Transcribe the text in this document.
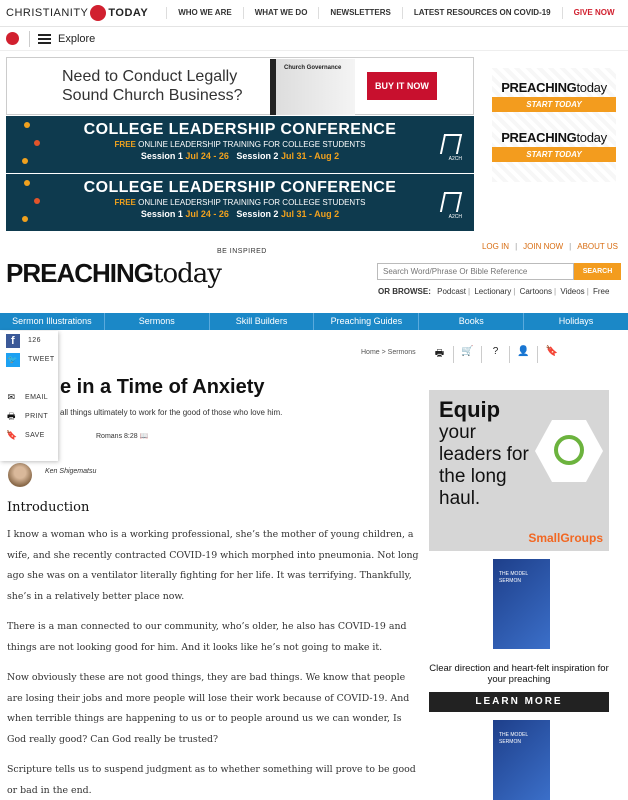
CHRISTIANITY TODAY	WHO WE ARE	WHAT WE DO	NEWSLETTERS	LATEST RESOURCES ON COVID-19	GIVE NOW
Explore
Need to Conduct Legally Sound Church Business?
Church Governance
BUY IT NOW
COLLEGE LEADERSHIP CONFERENCE

FREE ONLINE LEADERSHIP TRAINING FOR COLLEGE STUDENTS

Session 1 Jul 24 - 26 Session 2 Jul 31 - Aug 2	A2CH
COLLEGE LEADERSHIP CONFERENCE

FREE ONLINE LEADERSHIP TRAINING FOR COLLEGE STUDENTS

Session 1 Jul 24 - 26 Session 2 Jul 31 - Aug 2	A2CH
PREACHINGtoday
START TODAY
PREACHINGtoday
START TODAY
PREACHINGtoday
BE INSPIRED
LOG IN | JOIN NOW | ABOUT US
Search Word/Phrase Or Bible Reference
SEARCH
OR BROWSE: Podcast | Lectionary | Cartoons | Videos | Free
Sermon Illustrations	Sermons	Skill Builders	Preaching Guides	Books	Holidays
Home > Sermons	🖶	🛒	?	👤	🔖
e in a Time of Anxiety
all things ultimately to work for the good of those who love him.
Romans 8:28 📖
Ken Shigematsu
Introduction

I know a woman who is a working professional, she’s the mother of young children, a wife, and she recently contracted COVID-19 which morphed into pneumonia. Not long ago she was on a ventilator literally fighting for her life. It was terrifying. Thankfully, she’s in a relatively better place now.

There is a man connected to our community, who’s older, he also has COVID-19 and things are not looking good for him. And it looks like he’s not going to make it.

Now obviously these are not good things, they are bad things. We know that people are losing their jobs and more people will lose their work because of COVID-19. And when terrible things are happening to us or to people around us we can wonder, Is God really good? Can God really be trusted?

Scripture tells us to suspend judgment as to whether something will prove to be good or bad in the end.

f	126
🐦 TWEET
✉ EMAIL
🖶 PRINT
🔖 SAVE
Equip
your leaders for the long haul.
SmallGroups
THE MODEL SERMON
Clear direction and heart-felt inspiration for your preaching
LEARN MORE
THE MODEL SERMON
